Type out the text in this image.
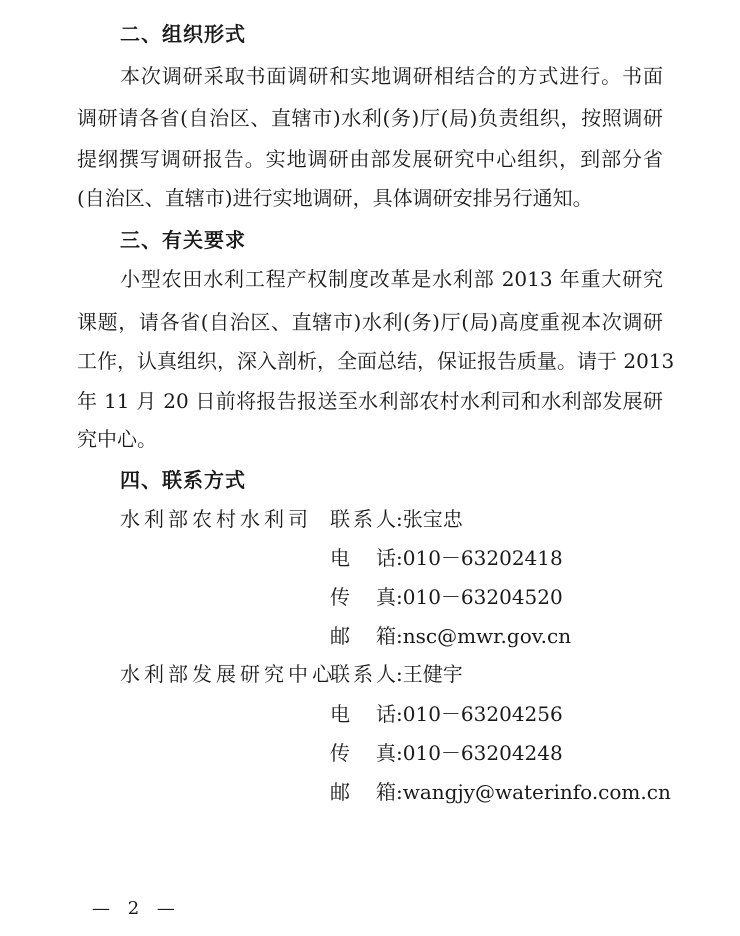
二、组织形式
本次调研采取书面调研和实地调研相结合的方式进行。书面
调研请各省(自治区、直辖市)水利(务)厅(局)负责组织，按照调研
提纲撰写调研报告。实地调研由部发展研究中心组织，到部分省
(自治区、直辖市)进行实地调研，具体调研安排另行通知。
三、有关要求
小型农田水利工程产权制度改革是水利部 2013 年重大研究
课题，请各省(自治区、直辖市)水利(务)厅(局)高度重视本次调研
工作，认真组织，深入剖析，全面总结，保证报告质量。请于 2013
年 11 月 20 日前将报告报送至水利部农村水利司和水利部发展研
究中心。
四、联系方式
水利部农村水利司 联系人:张宝忠
电话:010－63202418
传真:010－63204520
邮箱:nsc@mwr.gov.cn
水利部发展研究中心
联系人:王健宇
电话:010－63204256
传真:010－63204248
邮箱:wangjy@waterinfo.com.cn
— 2 —
